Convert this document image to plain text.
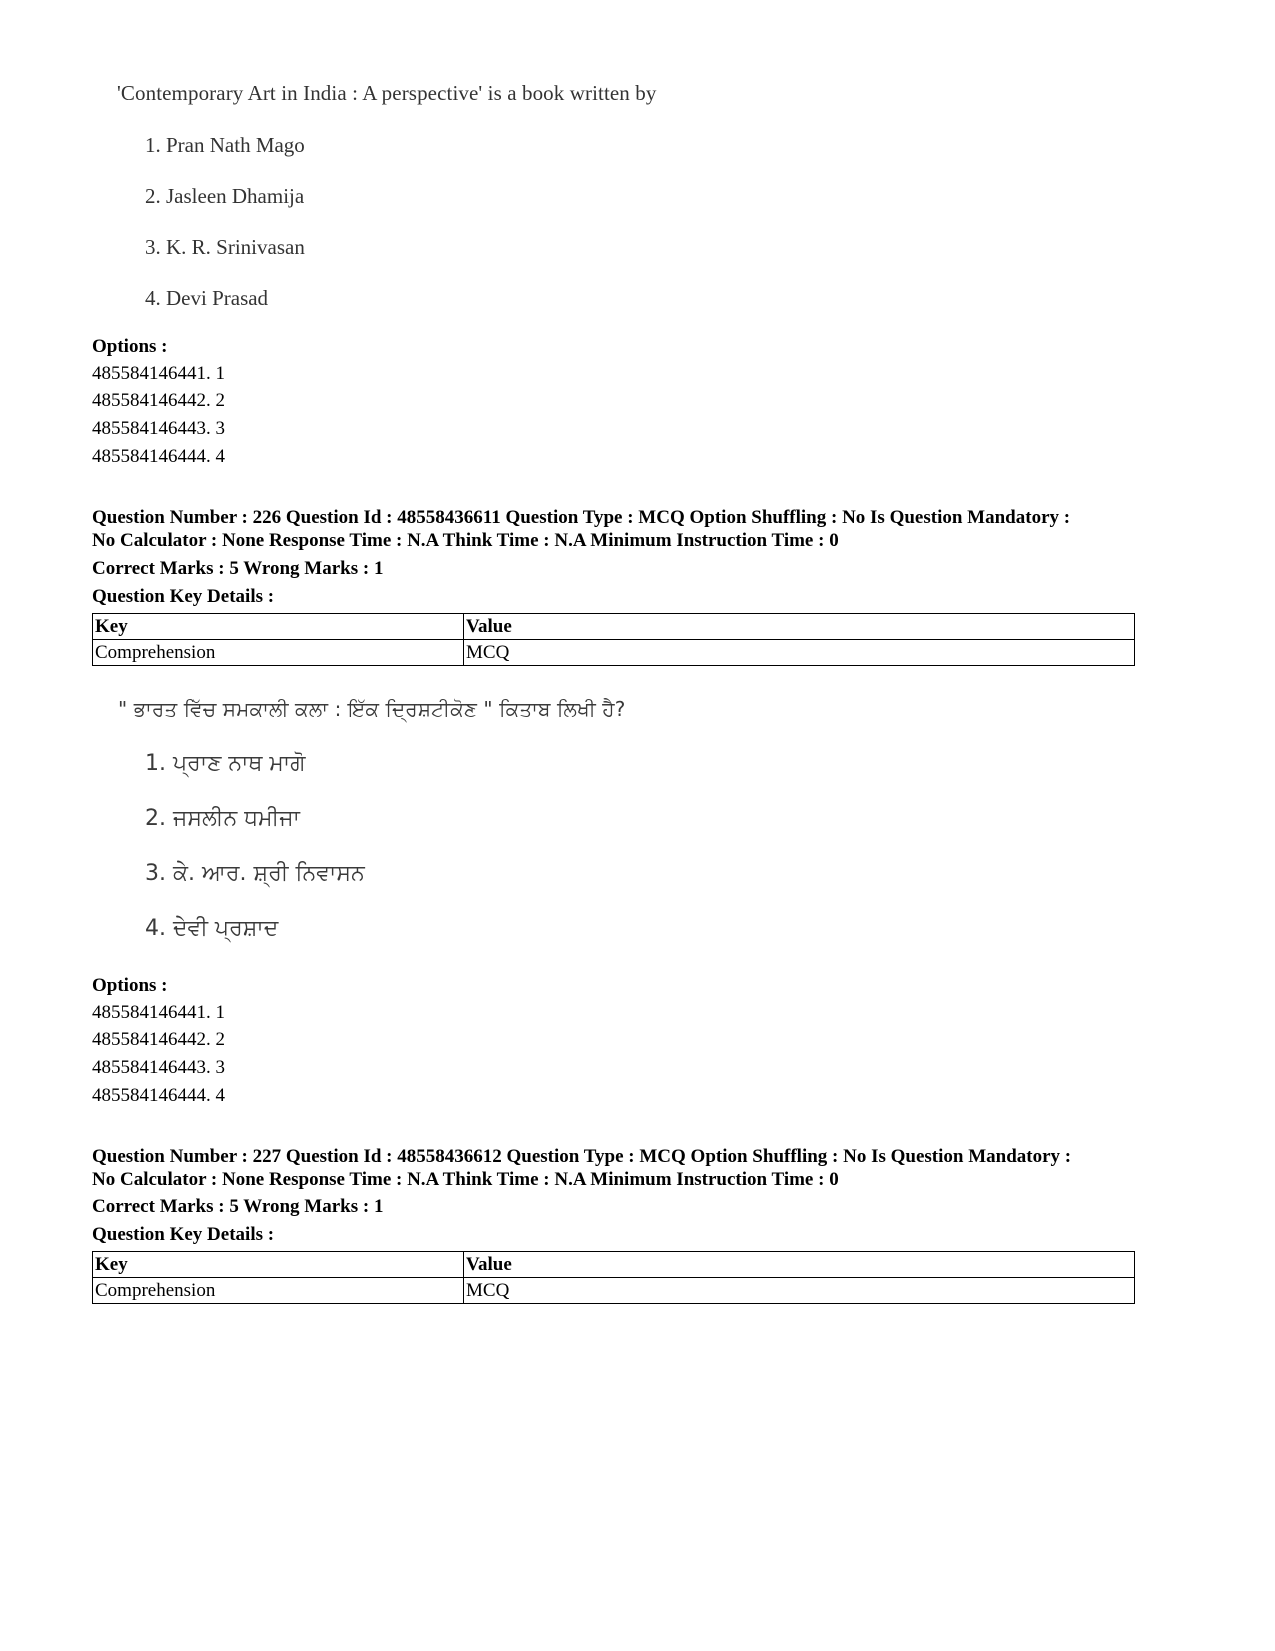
'Contemporary Art in India : A perspective' is a book written by
1. Pran Nath Mago
2. Jasleen Dhamija
3. K. R. Srinivasan
4. Devi Prasad
Options :
485584146441. 1
485584146442. 2
485584146443. 3
485584146444. 4
Question Number : 226 Question Id : 48558436611 Question Type : MCQ Option Shuffling : No Is Question Mandatory :
No Calculator : None Response Time : N.A Think Time : N.A Minimum Instruction Time : 0
Correct Marks : 5 Wrong Marks : 1
Question Key Details :
Key	Value
Comprehension	MCQ
" ਭਾਰਤ ਵਿੱਚ ਸਮਕਾਲੀ ਕਲਾ : ਇੱਕ ਦ੍ਰਿਸ਼ਟੀਕੋਣ " ਕਿਤਾਬ ਲਿਖੀ ਹੈ?
1. ਪ੍ਰਾਣ ਨਾਥ ਮਾਗੋ
2. ਜਸਲੀਨ ਧਮੀਜਾ
3. ਕੇ. ਆਰ. ਸ਼੍ਰੀ ਨਿਵਾਸਨ
4. ਦੇਵੀ ਪ੍ਰਸ਼ਾਦ
Options :
485584146441. 1
485584146442. 2
485584146443. 3
485584146444. 4
Question Number : 227 Question Id : 48558436612 Question Type : MCQ Option Shuffling : No Is Question Mandatory :
No Calculator : None Response Time : N.A Think Time : N.A Minimum Instruction Time : 0
Correct Marks : 5 Wrong Marks : 1
Question Key Details :
Key	Value
Comprehension	MCQ
